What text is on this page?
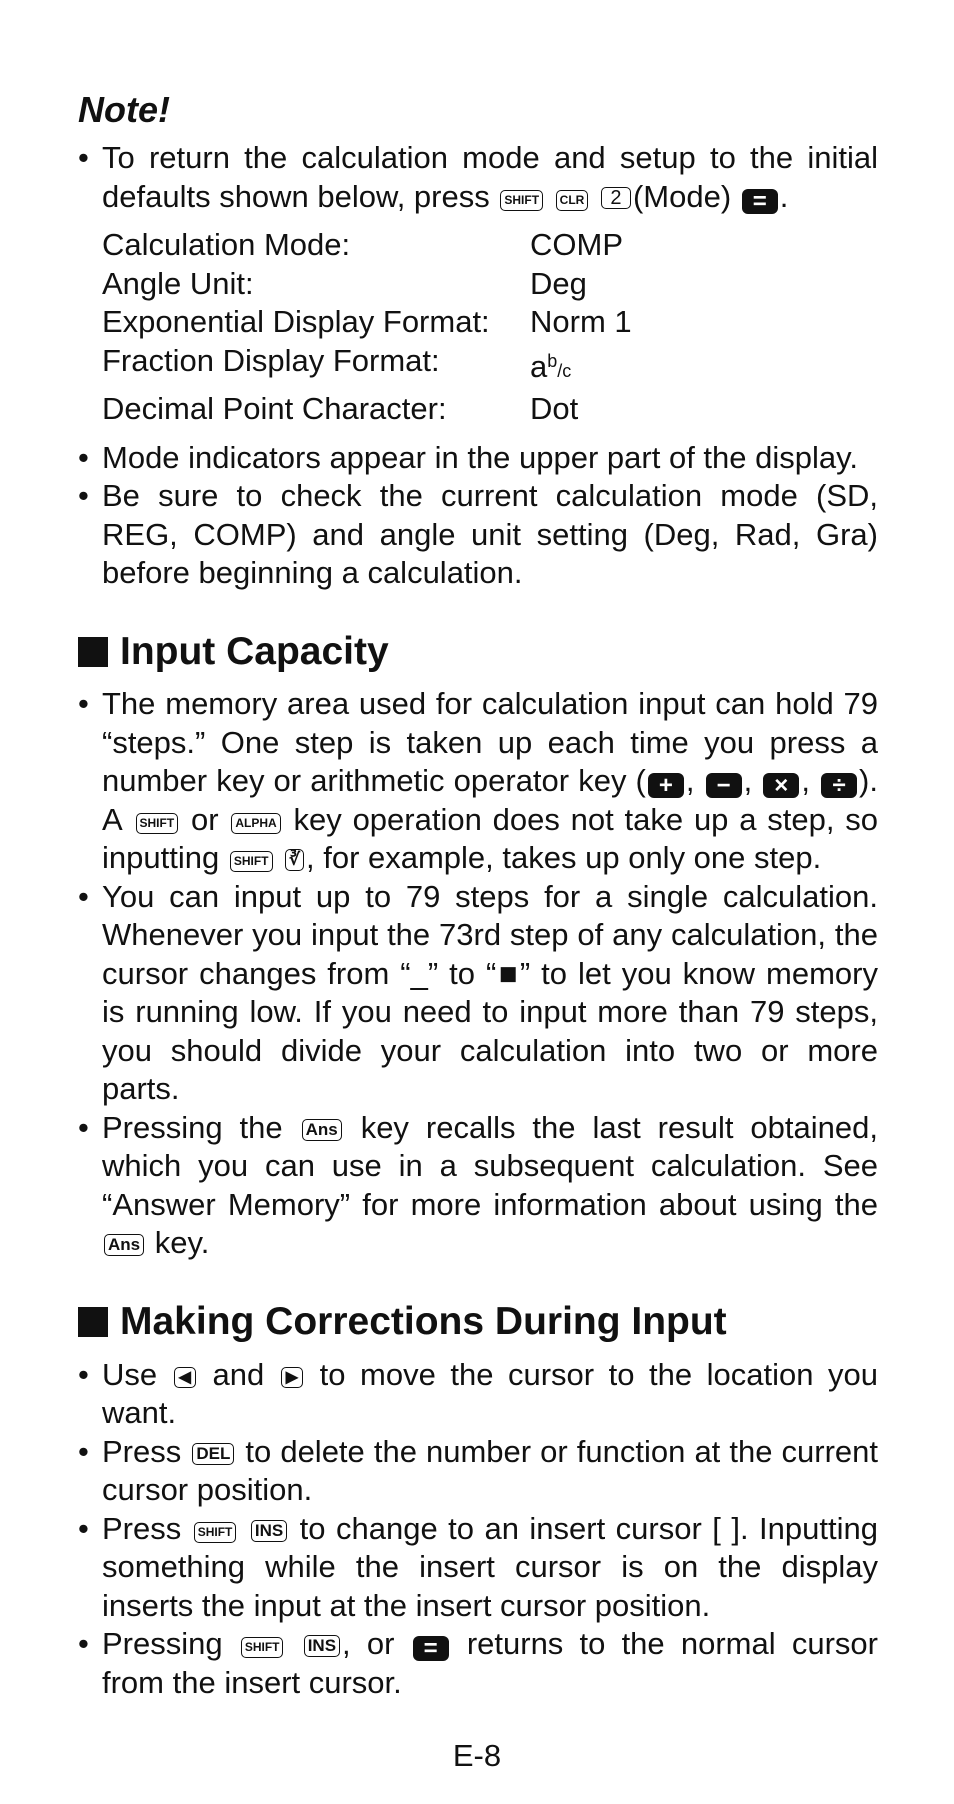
Note!
• To return the calculation mode and setup to the initial defaults shown below, press SHIFT CLR 2 (Mode) = .
Calculation Mode:	COMP
Angle Unit:	Deg
Exponential Display Format:	Norm 1
Fraction Display Format:	$a^b/c$
Decimal Point Character:	Dot
• Mode indicators appear in the upper part of the display.
• Be sure to check the current calculation mode (SD, REG, COMP) and angle unit setting (Deg, Rad, Gra) before beginning a calculation.
Input Capacity
• The memory area used for calculation input can hold 79 “steps.” One step is taken up each time you press a number key or arithmetic operator key ( + , − , × , ÷ ). A SHIFT or ALPHA key operation does not take up a step, so inputting SHIFT ∛ , for example, takes up only one step.
• You can input up to 79 steps for a single calculation. Whenever you input the 73rd step of any calculation, the cursor changes from “_” to “■” to let you know memory is running low. If you need to input more than 79 steps, you should divide your calculation into two or more parts.
• Pressing the Ans key recalls the last result obtained, which you can use in a subsequent calculation. See “Answer Memory” for more information about using the Ans key.
Making Corrections During Input
• Use ◀ and ▶ to move the cursor to the location you want.
• Press DEL to delete the number or function at the current cursor position.
• Press SHIFT INS to change to an insert cursor [ ]. Inputting something while the insert cursor is on the display inserts the input at the insert cursor position.
• Pressing SHIFT INS , or = returns to the normal cursor from the insert cursor.
E-8
